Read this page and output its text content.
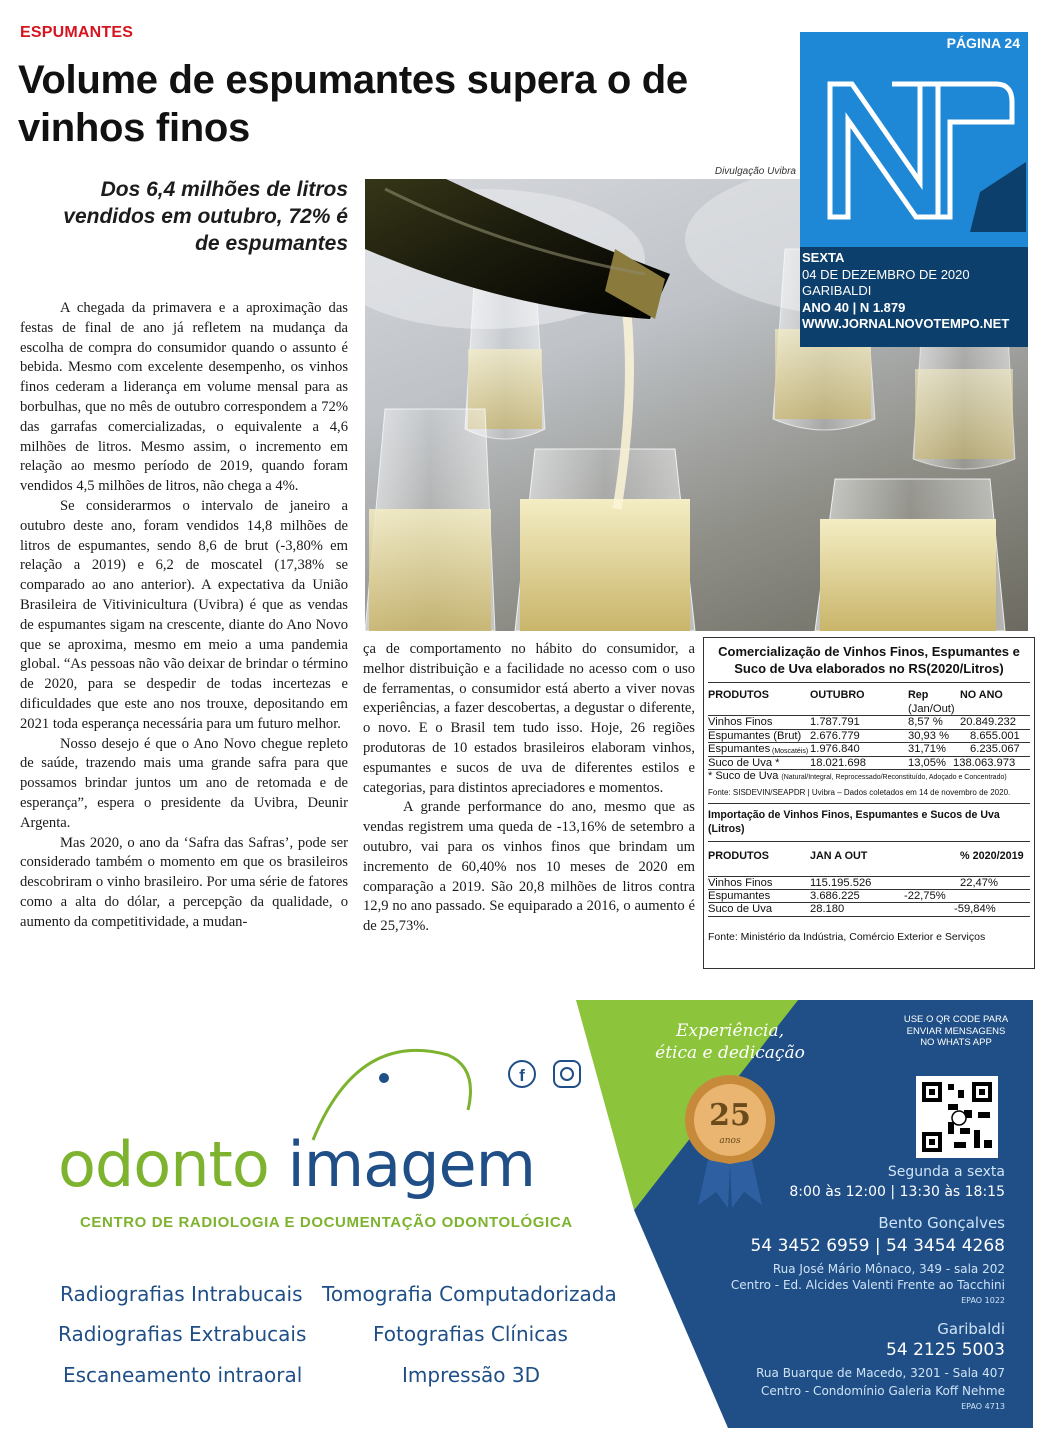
ESPUMANTES
Volume de espumantes supera o de vinhos finos
Dos 6,4 milhões de litros vendidos em outubro, 72% é de espumantes
Divulgação Uvibra
PÁGINA 24
SEXTA
04 DE DEZEMBRO DE 2020
GARIBALDI
ANO 40 | N 1.879
WWW.JORNALNOVOTEMPO.NET

A chegada da primavera e a aproximação das festas de final de ano já refletem na mudança da escolha de compra do consumidor quando o assunto é bebida. Mesmo com excelente desempenho, os vinhos finos cederam a liderança em volume mensal para as borbulhas, que no mês de outubro correspondem a 72% das garrafas comercializadas, o equivalente a 4,6 milhões de litros. Mesmo assim, o incremento em relação ao mesmo período de 2019, quando foram vendidos 4,5 milhões de litros, não chega a 4%.

Se considerarmos o intervalo de janeiro a outubro deste ano, foram vendidos 14,8 milhões de litros de espumantes, sendo 8,6 de brut (-3,80% em relação a 2019) e 6,2 de moscatel (17,38% se comparado ao ano anterior). A expectativa da União Brasileira de Vitivinicultura (Uvibra) é que as vendas de espumantes sigam na crescente, diante do Ano Novo que se aproxima, mesmo em meio a uma pandemia global. “As pessoas não vão deixar de brindar o término de 2020, para se despedir de todas incertezas e dificuldades que este ano nos trouxe, depositando em 2021 toda esperança necessária para um futuro melhor.

Nosso desejo é que o Ano Novo chegue repleto de saúde, trazendo mais uma grande safra para que possamos brindar juntos um ano de retomada e de esperança”, espera o presidente da Uvibra, Deunir Argenta.

Mas 2020, o ano da ‘Safra das Safras’, pode ser considerado também o momento em que os brasileiros descobriram o vinho brasileiro. Por uma série de fatores como a alta do dólar, a percepção da qualidade, o aumento da competitividade, a mudan-

ça de comportamento no hábito do consumidor, a melhor distribuição e a facilidade no acesso com o uso de ferramentas, o consumidor está aberto a viver novas experiências, a fazer descobertas, a degustar o diferente, o novo. E o Brasil tem tudo isso. Hoje, 26 regiões produtoras de 10 estados brasileiros elaboram vinhos, espumantes e sucos de uva de diferentes estilos e categorias, para distintos apreciadores e momentos.

A grande performance do ano, mesmo que as vendas registrem uma queda de -13,16% de setembro a outubro, vai para os vinhos finos que brindam um incremento de 60,40% nos 10 meses de 2020 em comparação a 2019. São 20,8 milhões de litros contra 12,9 no ano passado. Se equiparado a 2016, o aumento é de 25,73%.

Comercialização de Vinhos Finos, Espumantes e Suco de Uva elaborados no RS(2020/Litros)
PRODUTOS	OUTUBRO	Rep	NO ANO
(Jan/Out)
Vinhos Finos	1.787.791	8,57 % 20.849.232
Espumantes (Brut) 2.676.779	30,93 % 8.655.001
Espumantes (Moscatéis) 1.976.840	31,71% 6.235.067
Suco de Uva *	18.021.698	13,05% 138.063.973
* Suco de Uva (Natural/Integral, Reprocessado/Reconstituído, Adoçado e Concentrado)
Fonte: SISDEVIN/SEAPDR | Uvibra – Dados coletados em 14 de novembro de 2020.
Importação de Vinhos Finos, Espumantes e Sucos de Uva (Litros)
PRODUTOS	JAN A OUT	% 2020/2019
Vinhos Finos	115.195.526	22,47%
Espumantes	3.686.225	-22,75%
Suco de Uva	28.180	-59,84%
Fonte: Ministério da Indústria, Comércio Exterior e Serviços
f
odonto imagem
CENTRO DE RADIOLOGIA E DOCUMENTAÇÃO ODONTOLÓGICA
Experiência,
ética e dedicação
25
anos
Radiografias Intrabucais Tomografia Computadorizada
Radiografias Extrabucais	Fotografias Clínicas
Escaneamento intraoral	Impressão 3D
USE O QR CODE PARA ENVIAR MENSAGENS NO WHATS APP
Segunda a sexta
8:00 às 12:00 | 13:30 às 18:15
Bento Gonçalves
54 3452 6959 | 54 3454 4268
Rua José Mário Mônaco, 349 - sala 202
Centro - Ed. Alcides Valenti Frente ao Tacchini
EPAO 1022
Garibaldi
54 2125 5003
Rua Buarque de Macedo, 3201 - Sala 407
Centro - Condomínio Galeria Koff Nehme
EPAO 4713
